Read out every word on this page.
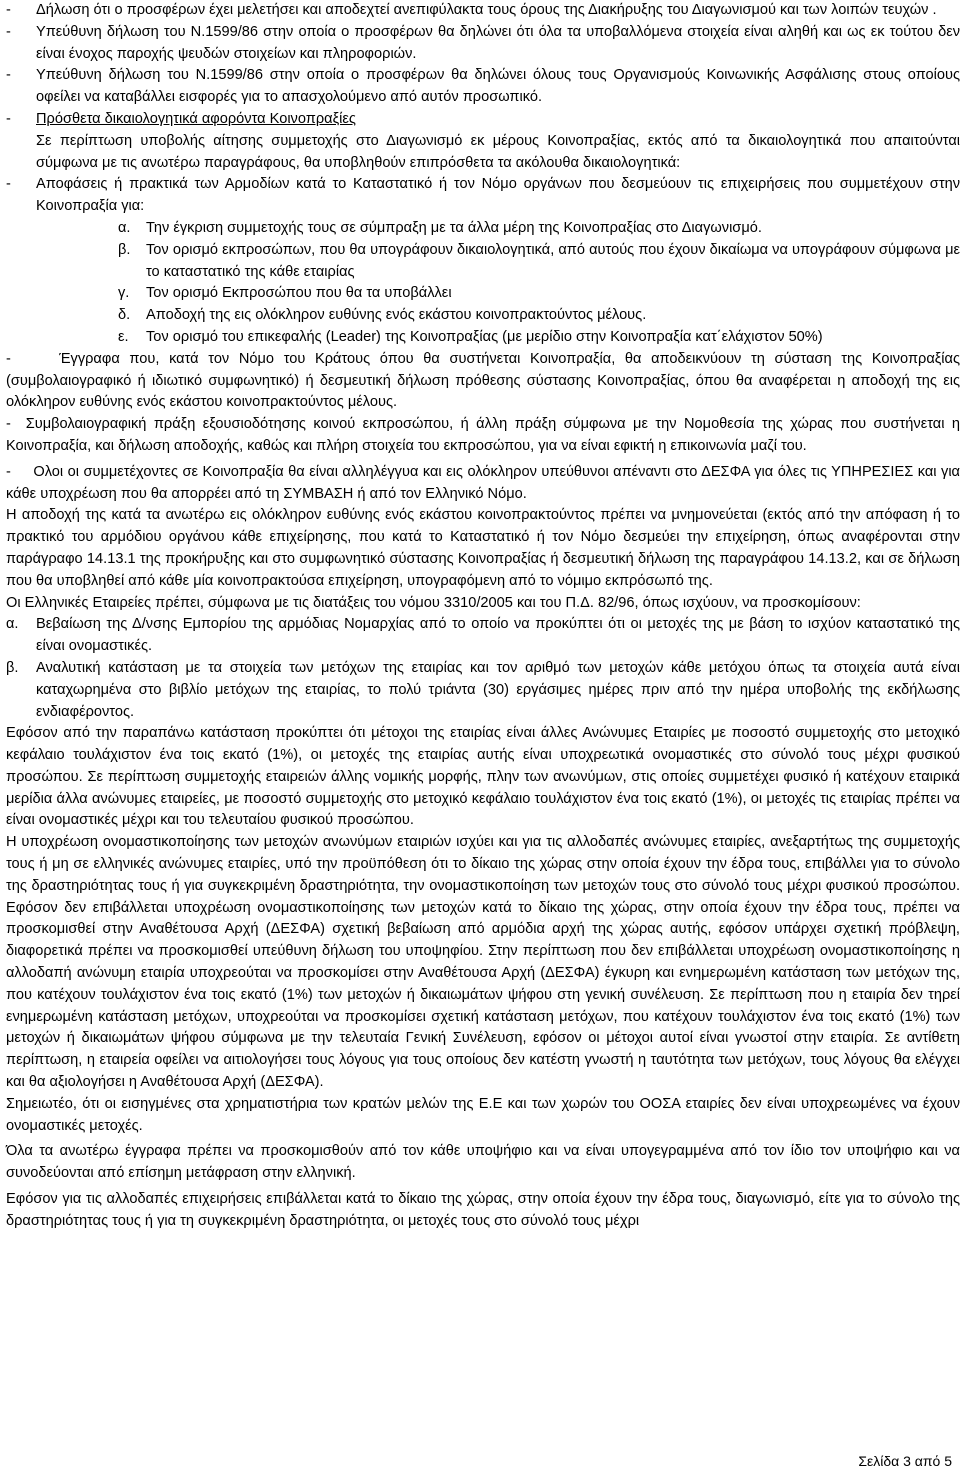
- Δήλωση ότι ο προσφέρων έχει μελετήσει και αποδεχτεί ανεπιφύλακτα τους όρους της Διακήρυξης του Διαγωνισμού και των λοιπών τευχών .

- Υπεύθυνη δήλωση του Ν.1599/86 στην οποία ο προσφέρων θα δηλώνει ότι όλα τα υποβαλλόμενα στοιχεία είναι αληθή και ως εκ τούτου δεν είναι ένοχος παροχής ψευδών στοιχείων και πληροφοριών.

- Υπεύθυνη δήλωση του Ν.1599/86 στην οποία ο προσφέρων θα δηλώνει όλους τους Οργανισμούς Κοινωνικής Ασφάλισης στους οποίους οφείλει να καταβάλλει εισφορές για το απασχολούμενο από αυτόν προσωπικό.

- Πρόσθετα δικαιολογητικά αφορόντα Κοινοπραξίες
Σε περίπτωση υποβολής αίτησης συμμετοχής στο Διαγωνισμό εκ μέρους Κοινοπραξίας, εκτός από τα δικαιολογητικά που απαιτούνται σύμφωνα με τις ανωτέρω παραγράφους, θα υποβληθούν επιπρόσθετα τα ακόλουθα δικαιολογητικά:

- Αποφάσεις ή πρακτικά των Αρμοδίων κατά το Καταστατικό ή τον Νόμο οργάνων που δεσμεύουν τις επιχειρήσεις που συμμετέχουν στην Κοινοπραξία για:

α. Την έγκριση συμμετοχής τους σε σύμπραξη με τα άλλα μέρη της Κοινοπραξίας στο Διαγωνισμό.

β. Τον ορισμό εκπροσώπων, που θα υπογράφουν δικαιολογητικά, από αυτούς που έχουν δικαίωμα να υπογράφουν σύμφωνα με το καταστατικό της κάθε εταιρίας

γ. Τον ορισμό Εκπροσώπου που θα τα υποβάλλει

δ. Αποδοχή της εις ολόκληρον ευθύνης ενός εκάστου κοινοπρακτούντος μέλους.

ε. Τον ορισμό του επικεφαλής (Leader) της Κοινοπραξίας (με μερίδιο στην Κοινοπραξία κατ΄ελάχιστον 50%)

-	Έγγραφα που, κατά τον Νόμο του Κράτους όπου θα συστήνεται Κοινοπραξία, θα αποδεικνύουν τη σύσταση της Κοινοπραξίας (συμβολαιογραφικό ή ιδιωτικό συμφωνητικό) ή δεσμευτική δήλωση πρόθεσης σύστασης Κοινοπραξίας, όπου θα αναφέρεται η αποδοχή της εις ολόκληρον ευθύνης ενός εκάστου κοινοπρακτούντος μέλους.

- Συμβολαιογραφική πράξη εξουσιοδότησης κοινού εκπροσώπου, ή άλλη πράξη σύμφωνα με την Νομοθεσία της χώρας που συστήνεται η Κοινοπραξία, και δήλωση αποδοχής, καθώς και πλήρη στοιχεία του εκπροσώπου, για να είναι εφικτή η επικοινωνία μαζί του.

- Ολοι οι συμμετέχοντες σε Κοινοπραξία θα είναι αλληλέγγυα και εις ολόκληρον υπεύθυνοι απέναντι στο ΔΕΣΦΑ για όλες τις ΥΠΗΡΕΣΙΕΣ και για κάθε υποχρέωση που θα απορρέει από τη ΣΥΜΒΑΣΗ ή από τον Ελληνικό Νόμο.

Η αποδοχή της κατά τα ανωτέρω εις ολόκληρον ευθύνης ενός εκάστου κοινοπρακτούντος πρέπει να μνημονεύεται (εκτός από την απόφαση ή το πρακτικό του αρμόδιου οργάνου κάθε επιχείρησης, που κατά το Καταστατικό ή τον Νόμο δεσμεύει την επιχείρηση, όπως αναφέρονται στην παράγραφο 14.13.1 της προκήρυξης και στο συμφωνητικό σύστασης Κοινοπραξίας ή δεσμευτική δήλωση της παραγράφου 14.13.2, και σε δήλωση που θα υποβληθεί από κάθε μία κοινοπρακτούσα επιχείρηση, υπογραφόμενη από το νόμιμο εκπρόσωπό της.

Οι Ελληνικές Εταιρείες πρέπει, σύμφωνα με τις διατάξεις του νόμου 3310/2005 και του Π.Δ. 82/96, όπως ισχύουν, να προσκομίσουν:

α. Βεβαίωση της Δ/νσης Εμπορίου της αρμόδιας Νομαρχίας από το οποίο να προκύπτει ότι οι μετοχές της με βάση το ισχύον καταστατικό της είναι ονομαστικές.

β. Αναλυτική κατάσταση με τα στοιχεία των μετόχων της εταιρίας και τον αριθμό των μετοχών κάθε μετόχου όπως τα στοιχεία αυτά είναι καταχωρημένα στο βιβλίο μετόχων της εταιρίας, το πολύ τριάντα (30) εργάσιμες ημέρες πριν από την ημέρα υποβολής της εκδήλωσης ενδιαφέροντος.

Εφόσον από την παραπάνω κατάσταση προκύπτει ότι μέτοχοι της εταιρίας είναι άλλες Ανώνυμες Εταιρίες με ποσοστό συμμετοχής στο μετοχικό κεφάλαιο τουλάχιστον ένα τοις εκατό (1%), οι μετοχές της εταιρίας αυτής είναι υποχρεωτικά ονομαστικές στο σύνολό τους μέχρι φυσικού προσώπου. Σε περίπτωση συμμετοχής εταιρειών άλλης νομικής μορφής, πλην των ανωνύμων, στις οποίες συμμετέχει φυσικό ή κατέχουν εταιρικά μερίδια άλλα ανώνυμες εταιρείες, με ποσοστό συμμετοχής στο μετοχικό κεφάλαιο τουλάχιστον ένα τοις εκατό (1%), οι μετοχές τις εταιρίας πρέπει να είναι ονομαστικές μέχρι και του τελευταίου φυσικού προσώπου.

Η υποχρέωση ονομαστικοποίησης των μετοχών ανωνύμων εταιριών ισχύει και για τις αλλοδαπές ανώνυμες εταιρίες, ανεξαρτήτως της συμμετοχής τους ή μη σε ελληνικές ανώνυμες εταιρίες, υπό την προϋπόθεση ότι το δίκαιο της χώρας στην οποία έχουν την έδρα τους, επιβάλλει για το σύνολο της δραστηριότητας τους ή για συγκεκριμένη δραστηριότητα, την ονομαστικοποίηση των μετοχών τους στο σύνολό τους μέχρι φυσικού προσώπου. Εφόσον δεν επιβάλλεται υποχρέωση ονομαστικοποίησης των μετοχών κατά το δίκαιο της χώρας, στην οποία έχουν την έδρα τους, πρέπει να προσκομισθεί στην Αναθέτουσα Αρχή (ΔΕΣΦΑ) σχετική βεβαίωση από αρμόδια αρχή της χώρας αυτής, εφόσον υπάρχει σχετική πρόβλεψη, διαφορετικά πρέπει να προσκομισθεί υπεύθυνη δήλωση του υποψηφίου. Στην περίπτωση που δεν επιβάλλεται υποχρέωση ονομαστικοποίησης η αλλοδαπή ανώνυμη εταιρία υποχρεούται να προσκομίσει στην Αναθέτουσα Αρχή (ΔΕΣΦΑ) έγκυρη και ενημερωμένη κατάσταση των μετόχων της, που κατέχουν τουλάχιστον ένα τοις εκατό (1%) των μετοχών ή δικαιωμάτων ψήφου στη γενική συνέλευση. Σε περίπτωση που η εταιρία δεν τηρεί ενημερωμένη κατάσταση μετόχων, υποχρεούται να προσκομίσει σχετική κατάσταση μετόχων, που κατέχουν τουλάχιστον ένα τοις εκατό (1%) των μετοχών ή δικαιωμάτων ψήφου σύμφωνα με την τελευταία Γενική Συνέλευση, εφόσον οι μέτοχοι αυτοί είναι γνωστοί στην εταιρία. Σε αντίθετη περίπτωση, η εταιρεία οφείλει να αιτιολογήσει τους λόγους για τους οποίους δεν κατέστη γνωστή η ταυτότητα των μετόχων, τους λόγους θα ελέγχει και θα αξιολογήσει η Αναθέτουσα Αρχή (ΔΕΣΦΑ).

Σημειωτέο, ότι οι εισηγμένες στα χρηματιστήρια των κρατών μελών της Ε.Ε και των χωρών του ΟΟΣΑ εταιρίες δεν είναι υποχρεωμένες να έχουν ονομαστικές μετοχές.

Όλα τα ανωτέρω έγγραφα πρέπει να προσκομισθούν από τον κάθε υποψήφιο και να είναι υπογεγραμμένα από τον ίδιο τον υποψήφιο και να συνοδεύονται από επίσημη μετάφραση στην ελληνική.

Εφόσον για τις αλλοδαπές επιχειρήσεις επιβάλλεται κατά το δίκαιο της χώρας, στην οποία έχουν την έδρα τους, διαγωνισμό, είτε για το σύνολο της δραστηριότητας τους ή για τη συγκεκριμένη δραστηριότητα, οι μετοχές τους στο σύνολό τους μέχρι

Σελίδα 3 από 5
